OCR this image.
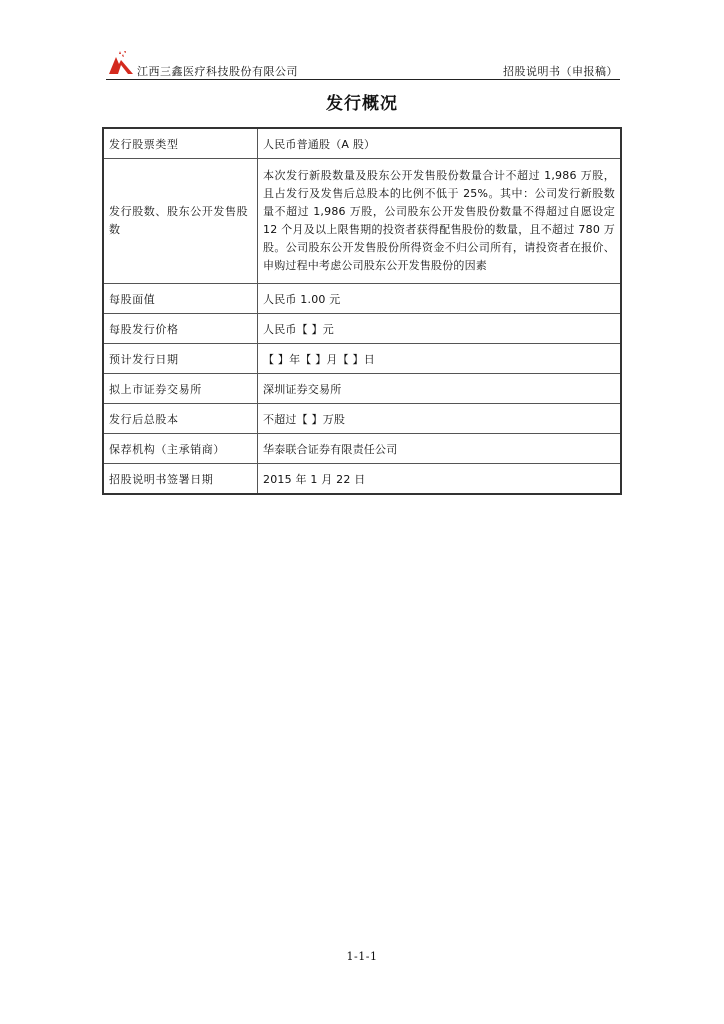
江西三鑫医疗科技股份有限公司	招股说明书（申报稿）
发行概况
发行股票类型	人民币普通股（A 股）
发行股数、股东公开发售股数	本次发行新股数量及股东公开发售股份数量合计不超过 1,986 万股，且占发行及发售后总股本的比例不低于 25%。其中：公司发行新股数量不超过 1,986 万股，公司股东公开发售股份数量不得超过自愿设定 12 个月及以上限售期的投资者获得配售股份的数量，且不超过 780 万股。公司股东公开发售股份所得资金不归公司所有，请投资者在报价、申购过程中考虑公司股东公开发售股份的因素
每股面值	人民币 1.00 元
每股发行价格	人民币【 】元
预计发行日期	【 】年【 】月【 】日
拟上市证券交易所	深圳证券交易所
发行后总股本	不超过【 】万股
保荐机构（主承销商）	华泰联合证券有限责任公司
招股说明书签署日期	2015 年 1 月 22 日
1-1-1
